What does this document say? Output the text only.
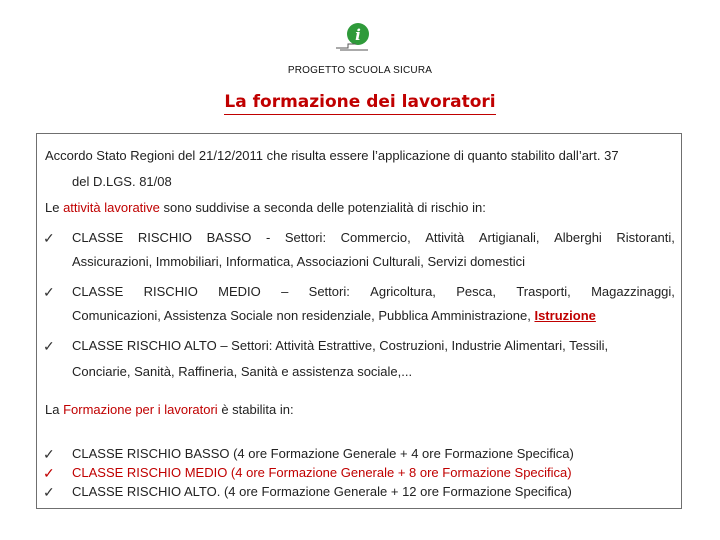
i
PROGETTO SCUOLA SICURA
La formazione dei lavoratori
Accordo Stato Regioni del 21/12/2011 che risulta essere l’applicazione di quanto stabilito dall’art. 37
del D.LGS. 81/08
Le attività lavorative sono suddivise a seconda delle potenzialità di rischio in:
✓ CLASSE RISCHIO BASSO - Settori: Commercio, Attività Artigianali, Alberghi Ristoranti,
Assicurazioni, Immobiliari, Informatica, Associazioni Culturali, Servizi domestici
✓ CLASSE RISCHIO MEDIO – Settori: Agricoltura, Pesca, Trasporti, Magazzinaggi,
Comunicazioni, Assistenza Sociale non residenziale, Pubblica Amministrazione, Istruzione
✓ CLASSE RISCHIO ALTO – Settori: Attività Estrattive, Costruzioni, Industrie Alimentari, Tessili,
Conciarie, Sanità, Raffineria, Sanità e assistenza sociale,...
La Formazione per i lavoratori è stabilita in:
✓ CLASSE RISCHIO BASSO (4 ore Formazione Generale + 4 ore Formazione Specifica)
✓ CLASSE RISCHIO MEDIO (4 ore Formazione Generale + 8 ore Formazione Specifica)
✓ CLASSE RISCHIO ALTO. (4 ore Formazione Generale + 12 ore Formazione Specifica)
